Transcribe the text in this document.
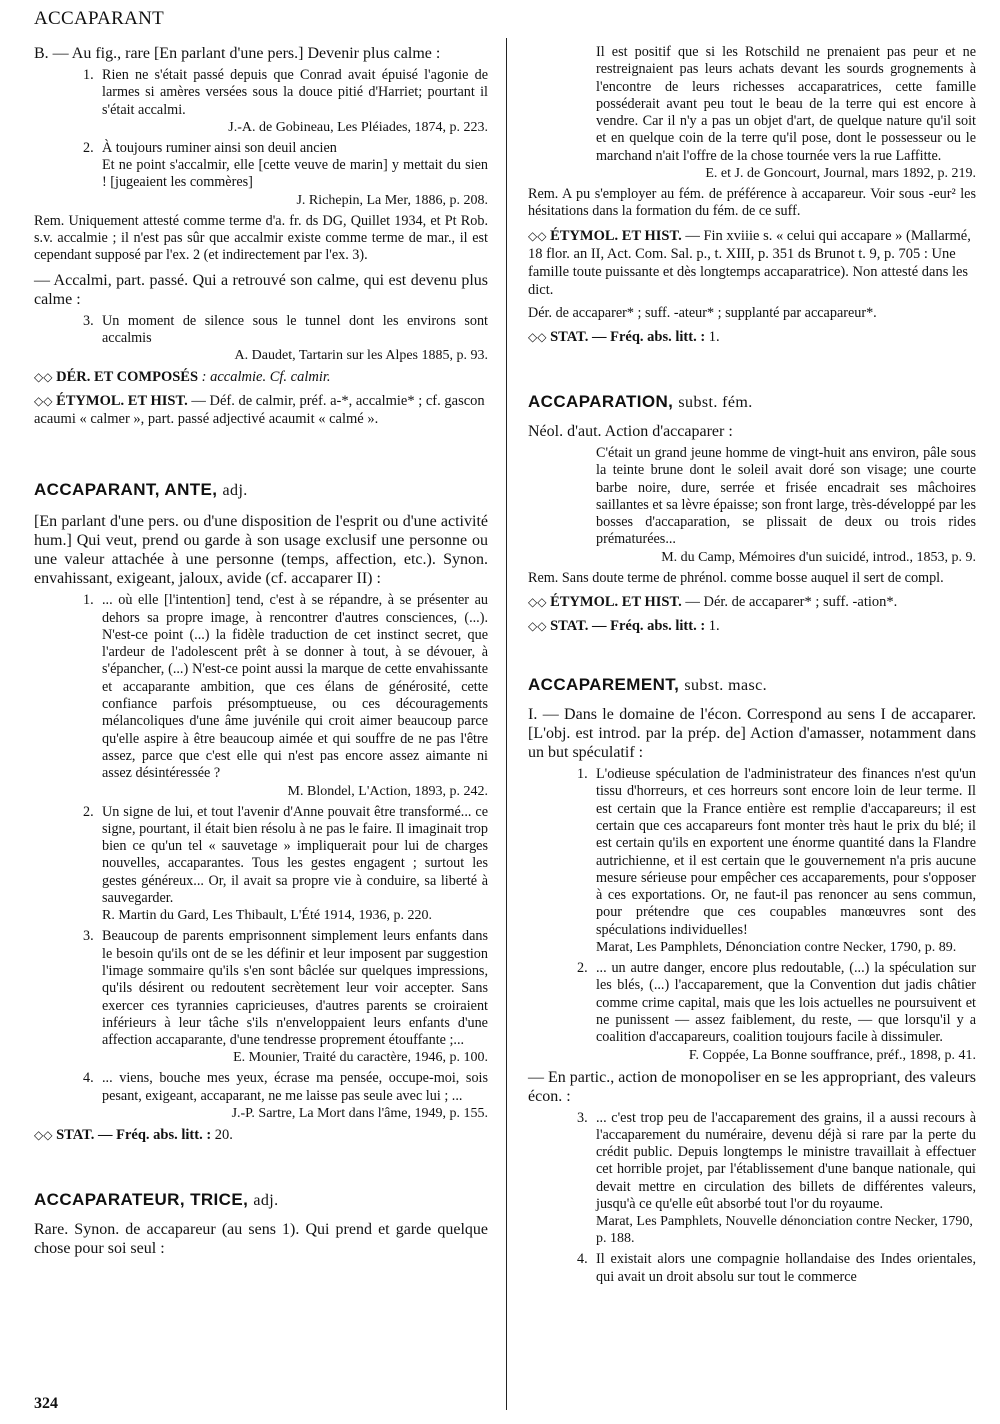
ACCAPARANT

B. — Au fig., rare [En parlant d'une pers.] Devenir plus calme :

1. Rien ne s'était passé depuis que Conrad avait épuisé l'agonie de larmes si amères versées sous la douce pitié d'Harriet; pourtant il s'était accalmi.

J.-A. de Gobineau, Les Pléiades, 1874, p. 223.

2. À toujours ruminer ainsi son deuil ancien

Et ne point s'accalmir, elle [cette veuve de marin] y mettait du sien ! [jugeaient les commères]

J. Richepin, La Mer, 1886, p. 208.

Rem. Uniquement attesté comme terme d'a. fr. ds DG, Quillet 1934, et Pt Rob. s.v. accalmie ; il n'est pas sûr que accalmir existe comme terme de mar., il est cependant supposé par l'ex. 2 (et indirectement par l'ex. 3).

— Accalmi, part. passé. Qui a retrouvé son calme, qui est devenu plus calme :

3. Un moment de silence sous le tunnel dont les environs sont accalmis

A. Daudet, Tartarin sur les Alpes 1885, p. 93.

◇◇ DÉR. ET COMPOSÉS : accalmie. Cf. calmir.

◇◇ ÉTYMOL. ET HIST. — Déf. de calmir, préf. a-*, accalmie* ; cf. gascon acaumi « calmer », part. passé adjectivé acaumit « calmé ».

ACCAPARANT, ANTE, adj.

[En parlant d'une pers. ou d'une disposition de l'esprit ou d'une activité hum.] Qui veut, prend ou garde à son usage exclusif une personne ou une valeur attachée à une personne (temps, affection, etc.). Synon. envahissant, exigeant, jaloux, avide (cf. accaparer II) :

1. ... où elle [l'intention] tend, c'est à se répandre, à se présenter au dehors sa propre image, à rencontrer d'autres consciences, (...). N'est-ce point (...) la fidèle traduction de cet instinct secret, que l'ardeur de l'adolescent prêt à se donner à tout, à se dévouer, à s'épancher, (...) N'est-ce point aussi la marque de cette envahissante et accaparante ambition, que ces élans de générosité, cette confiance parfois présomptueuse, ou ces découragements mélancoliques d'une âme juvénile qui croit aimer beaucoup parce qu'elle aspire à être beaucoup aimée et qui souffre de ne pas l'être assez, parce que c'est elle qui n'est pas encore assez aimante ni assez désintéressée ?

M. Blondel, L'Action, 1893, p. 242.

2. Un signe de lui, et tout l'avenir d'Anne pouvait être transformé... ce signe, pourtant, il était bien résolu à ne pas le faire. Il imaginait trop bien ce qu'un tel « sauvetage » impliquerait pour lui de charges nouvelles, accaparantes. Tous les gestes engagent ; surtout les gestes généreux... Or, il avait sa propre vie à conduire, sa liberté à sauvegarder.

R. Martin du Gard, Les Thibault, L'Été 1914, 1936, p. 220.

3. Beaucoup de parents emprisonnent simplement leurs enfants dans le besoin qu'ils ont de se les définir et leur imposent par suggestion l'image sommaire qu'ils s'en sont bâclée sur quelques impressions, qu'ils désirent ou redoutent secrètement leur voir accepter. Sans exercer ces tyrannies capricieuses, d'autres parents se croiraient inférieurs à leur tâche s'ils n'enveloppaient leurs enfants d'une affection accaparante, d'une tendresse proprement étouffante ;...

E. Mounier, Traité du caractère, 1946, p. 100.

4. ... viens, bouche mes yeux, écrase ma pensée, occupe-moi, sois pesant, exigeant, accaparant, ne me laisse pas seule avec lui ; ...

J.-P. Sartre, La Mort dans l'âme, 1949, p. 155.

◇◇ STAT. — Fréq. abs. litt. : 20.

ACCAPARATEUR, TRICE, adj.

Rare. Synon. de accapareur (au sens 1). Qui prend et garde quelque chose pour soi seul :

Il est positif que si les Rotschild ne prenaient pas peur et ne restreignaient pas leurs achats devant les sourds grognements à l'encontre de leurs richesses accaparatrices, cette famille posséderait avant peu tout le beau de la terre qui est encore à vendre. Car il n'y a pas un objet d'art, de quelque nature qu'il soit et en quelque coin de la terre qu'il pose, dont le possesseur ou le marchand n'ait l'offre de la chose tournée vers la rue Laffitte.

E. et J. de Goncourt, Journal, mars 1892, p. 219.

Rem. A pu s'employer au fém. de préférence à accapareur. Voir sous -eur² les hésitations dans la formation du fém. de ce suff.

◇◇ ÉTYMOL. ET HIST. — Fin xviiie s. « celui qui accapare » (Mallarmé, 18 flor. an II, Act. Com. Sal. p., t. XIII, p. 351 ds Brunot t. 9, p. 705 : Une famille toute puissante et dès longtemps accaparatrice). Non attesté dans les dict.

Dér. de accaparer* ; suff. -ateur* ; supplanté par accapareur*.

◇◇ STAT. — Fréq. abs. litt. : 1.

ACCAPARATION, subst. fém.

Néol. d'aut. Action d'accaparer :

C'était un grand jeune homme de vingt-huit ans environ, pâle sous la teinte brune dont le soleil avait doré son visage; une courte barbe noire, dure, serrée et frisée encadrait ses mâchoires saillantes et sa lèvre épaisse; son front large, très-développé par les bosses d'accaparation, se plissait de deux ou trois rides prématurées...

M. du Camp, Mémoires d'un suicidé, introd., 1853, p. 9.

Rem. Sans doute terme de phrénol. comme bosse auquel il sert de compl.

◇◇ ÉTYMOL. ET HIST. — Dér. de accaparer* ; suff. -ation*.

◇◇ STAT. — Fréq. abs. litt. : 1.

ACCAPAREMENT, subst. masc.

I. — Dans le domaine de l'écon. Correspond au sens I de accaparer. [L'obj. est introd. par la prép. de] Action d'amasser, notamment dans un but spéculatif :

1. L'odieuse spéculation de l'administrateur des finances n'est qu'un tissu d'horreurs, et ces horreurs sont encore loin de leur terme. Il est certain que la France entière est remplie d'accapareurs; il est certain que ces accapareurs font monter très haut le prix du blé; il est certain qu'ils en exportent une énorme quantité dans la Flandre autrichienne, et il est certain que le gouvernement n'a pris aucune mesure sérieuse pour empêcher ces accaparements, pour s'opposer à ces exportations. Or, ne faut-il pas renoncer au sens commun, pour prétendre que ces coupables manœuvres sont des spéculations individuelles!

Marat, Les Pamphlets, Dénonciation contre Necker, 1790, p. 89.

2. ... un autre danger, encore plus redoutable, (...) la spéculation sur les blés, (...) l'accaparement, que la Convention dut jadis châtier comme crime capital, mais que les lois actuelles ne poursuivent et ne punissent — assez faiblement, du reste, — que lorsqu'il y a coalition d'accapareurs, coalition toujours facile à dissimuler.

F. Coppée, La Bonne souffrance, préf., 1898, p. 41.

— En partic., action de monopoliser en se les appropriant, des valeurs écon. :

3. ... c'est trop peu de l'accaparement des grains, il a aussi recours à l'accaparement du numéraire, devenu déjà si rare par la perte du crédit public. Depuis longtemps le ministre travaillait à effectuer cet horrible projet, par l'établissement d'une banque nationale, qui devait mettre en circulation des billets de différentes valeurs, jusqu'à ce qu'elle eût absorbé tout l'or du royaume.

Marat, Les Pamphlets, Nouvelle dénonciation contre Necker, 1790, p. 188.

4. Il existait alors une compagnie hollandaise des Indes orientales, qui avait un droit absolu sur tout le commerce

324
